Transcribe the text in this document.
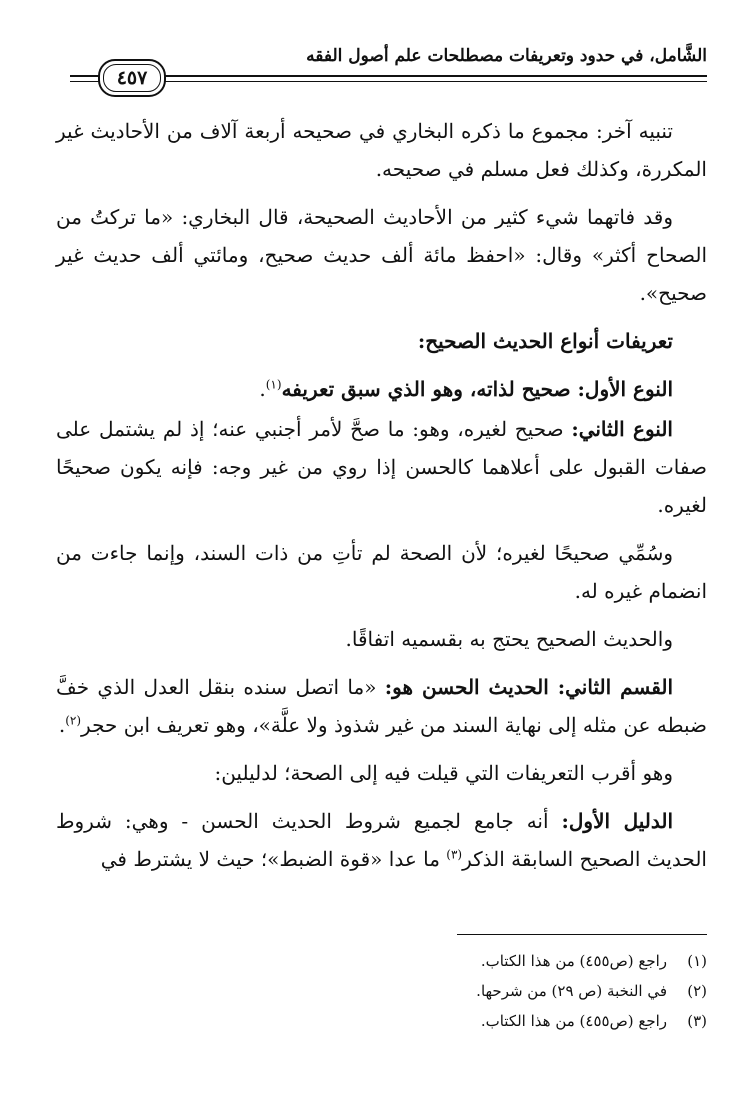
الشَّامل، في حدود وتعريفات مصطلحات علم أصول الفقه
٤٥٧

تنبيه آخر: مجموع ما ذكره البخاري في صحيحه أربعة آلاف من الأحاديث غير المكررة، وكذلك فعل مسلم في صحيحه.

وقد فاتهما شيء كثير من الأحاديث الصحيحة، قال البخاري: «ما تركتُ من الصحاح أكثر» وقال: «احفظ مائة ألف حديث صحيح، ومائتي ألف حديث غير صحيح».

تعريفات أنواع الحديث الصحيح:

النوع الأول: صحيح لذاته، وهو الذي سبق تعريفه$^{(١)}$.

النوع الثاني: صحيح لغيره، وهو: ما صحَّ لأمر أجنبي عنه؛ إذ لم يشتمل على صفات القبول على أعلاهما كالحسن إذا روي من غير وجه: فإنه يكون صحيحًا لغيره.

وسُمِّي صحيحًا لغيره؛ لأن الصحة لم تأتِ من ذات السند، وإنما جاءت من انضمام غيره له.

والحديث الصحيح يحتج به بقسميه اتفاقًا.

القسم الثاني: الحديث الحسن هو: «ما اتصل سنده بنقل العدل الذي خفَّ ضبطه عن مثله إلى نهاية السند من غير شذوذ ولا علَّة»، وهو تعريف ابن حجر$^{(٢)}$.

وهو أقرب التعريفات التي قيلت فيه إلى الصحة؛ لدليلين:

الدليل الأول: أنه جامع لجميع شروط الحديث الحسن - وهي: شروط الحديث الصحيح السابقة الذكر$^{(٣)}$ ما عدا «قوة الضبط»؛ حيث لا يشترط في

(١)
راجع (ص٤٥٥) من هذا الكتاب.
(٢)
في النخبة (ص ٢٩) من شرحها.
(٣)
راجع (ص٤٥٥) من هذا الكتاب.
